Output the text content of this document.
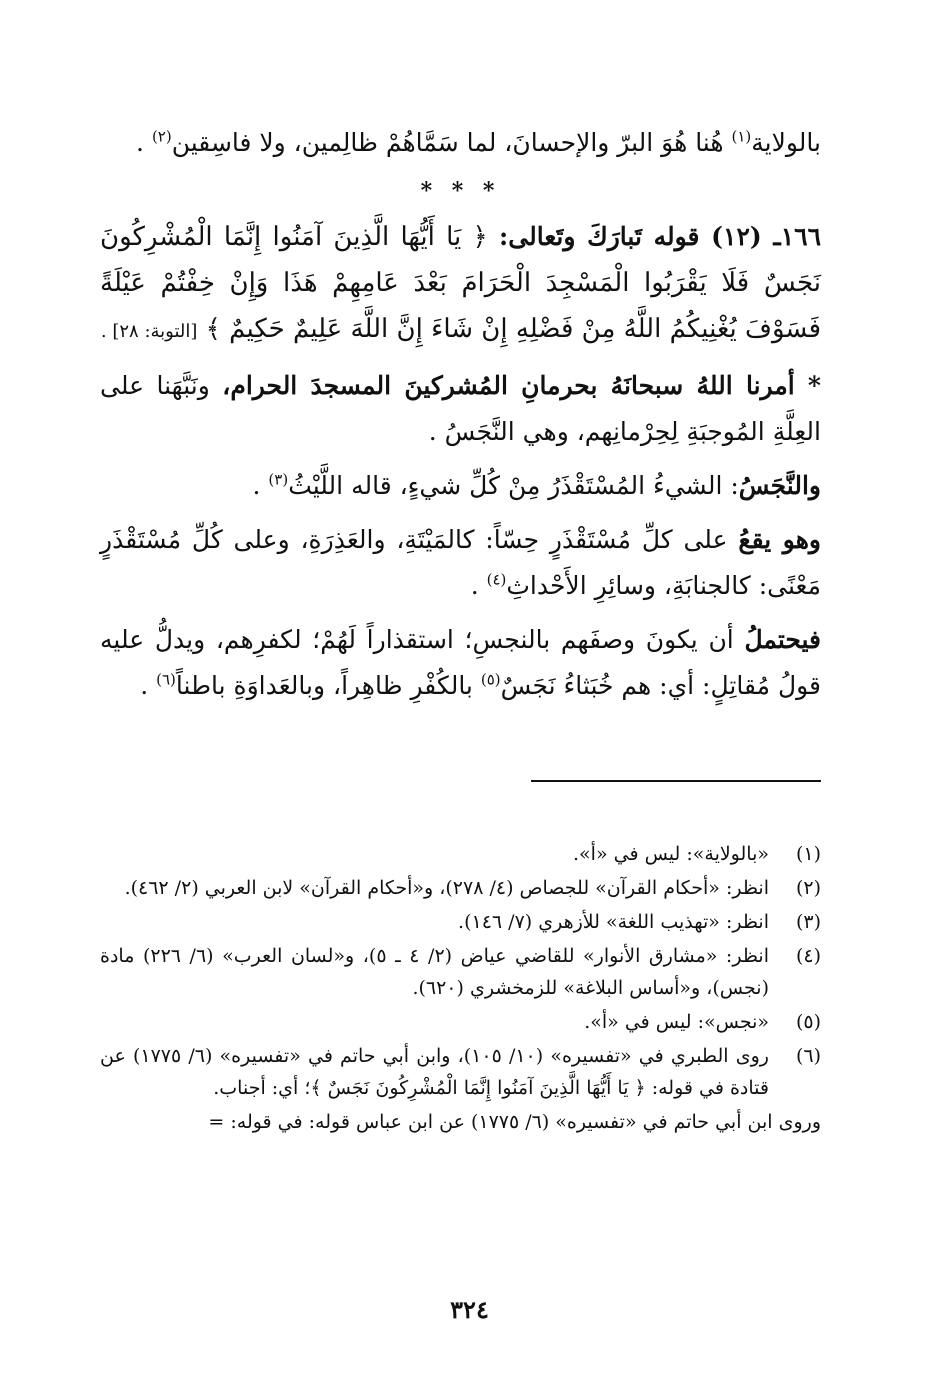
بالولاية$^{(١)}$ هُنا هُوَ البرّ والإحسانَ، لما سَمَّاهُمْ ظالِمين، ولا فاسِقين$^{(٢)}$ .

* * *

١٦٦ـ (١٢) قوله تَبارَكَ وتَعالى: ﴿ يَا أَيُّهَا الَّذِينَ آمَنُوا إِنَّمَا الْمُشْرِكُونَ نَجَسٌ فَلَا يَقْرَبُوا الْمَسْجِدَ الْحَرَامَ بَعْدَ عَامِهِمْ هَذَا وَإِنْ خِفْتُمْ عَيْلَةً فَسَوْفَ يُغْنِيكُمُ اللَّهُ مِنْ فَضْلِهِ إِنْ شَاءَ إِنَّ اللَّهَ عَلِيمٌ حَكِيمٌ ﴾ [التوبة: ٢٨] .

* أمرنا اللهُ سبحانَهُ بحرمانِ المُشركينَ المسجدَ الحرام، ونَبَّهَنا على العِلَّةِ المُوجبَةِ لِحِرْمانِهم، وهي النَّجَسُ .

والنَّجَسُ: الشيءُ المُسْتَقْذَرُ مِنْ كُلِّ شيءٍ، قاله اللَّيْثُ$^{(٣)}$ .

وهو يقعُ على كلِّ مُسْتَقْذَرٍ حِسّاً: كالمَيْتَةِ، والعَذِرَةِ، وعلى كُلِّ مُسْتَقْذَرٍ مَعْنًى: كالجنابَةِ، وسائِرِ الأَحْداثِ$^{(٤)}$ .

فيحتملُ أن يكونَ وصفَهم بالنجسِ؛ استقذاراً لَهُمْ؛ لكفرِهم، ويدلُّ عليه قولُ مُقاتِلٍ: أي: هم خُبَثاءُ نَجَسٌ$^{(٥)}$ بالكُفْرِ ظاهِراً، وبالعَداوَةِ باطناً$^{(٦)}$ .

(١)
«بالولاية»: ليس في «أ».
(٢)
انظر: «أحكام القرآن» للجصاص (٤/ ٢٧٨)، و«أحكام القرآن» لابن العربي (٢/ ٤٦٢).
(٣)
انظر: «تهذيب اللغة» للأزهري (٧/ ١٤٦).
(٤)
انظر: «مشارق الأنوار» للقاضي عياض (٢/ ٤ ـ ٥)، و«لسان العرب» (٦/ ٢٢٦) مادة (نجس)، و«أساس البلاغة» للزمخشري (٦٢٠).
(٥)
«نجس»: ليس في «أ».
(٦)
روى الطبري في «تفسيره» (١٠/ ١٠٥)، وابن أبي حاتم في «تفسيره» (٦/ ١٧٧٥) عن قتادة في قوله: ﴿ يَا أَيُّهَا الَّذِينَ آمَنُوا إِنَّمَا الْمُشْرِكُونَ نَجَسٌ ﴾؛ أي: أجناب.
وروى ابن أبي حاتم في «تفسيره» (٦/ ١٧٧٥) عن ابن عباس قوله: في قوله: =
٣٢٤
